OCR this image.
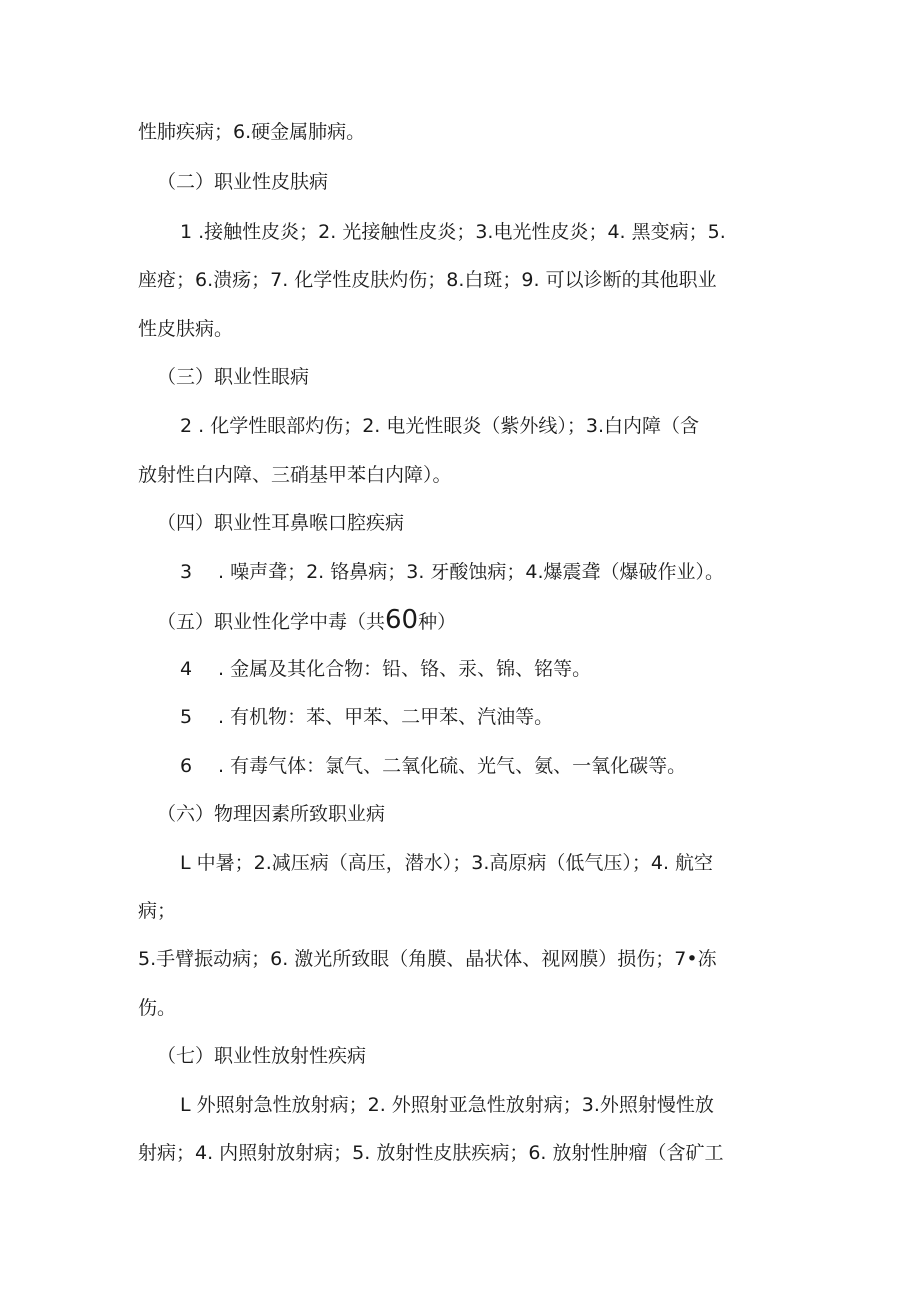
性肺疾病；6.硬金属肺病。
（二）职业性皮肤病
1 .接触性皮炎；2. 光接触性皮炎；3.电光性皮炎；4. 黑变病；5.
座疮；6.溃疡；7. 化学性皮肤灼伤；8.白斑；9. 可以诊断的其他职业
性皮肤病。
（三）职业性眼病
2 . 化学性眼部灼伤；2. 电光性眼炎（紫外线）；3.白内障（含
放射性白内障、三硝基甲苯白内障）。
（四）职业性耳鼻喉口腔疾病
3 . 噪声聋；2. 铬鼻病；3. 牙酸蚀病；4.爆震聋（爆破作业）。
（五）职业性化学中毒（共60种）
4 . 金属及其化合物：铅、铬、汞、锦、铭等。
5 . 有机物：苯、甲苯、二甲苯、汽油等。
6 . 有毒气体：氯气、二氧化硫、光气、氨、一氧化碳等。
（六）物理因素所致职业病
L 中暑；2.减压病（高压，潜水）；3.高原病（低气压）；4. 航空
病；
5.手臂振动病；6. 激光所致眼（角膜、晶状体、视网膜）损伤；7•冻
伤。
（七）职业性放射性疾病
L 外照射急性放射病；2. 外照射亚急性放射病；3.外照射慢性放
射病；4. 内照射放射病；5. 放射性皮肤疾病；6. 放射性肿瘤（含矿工
